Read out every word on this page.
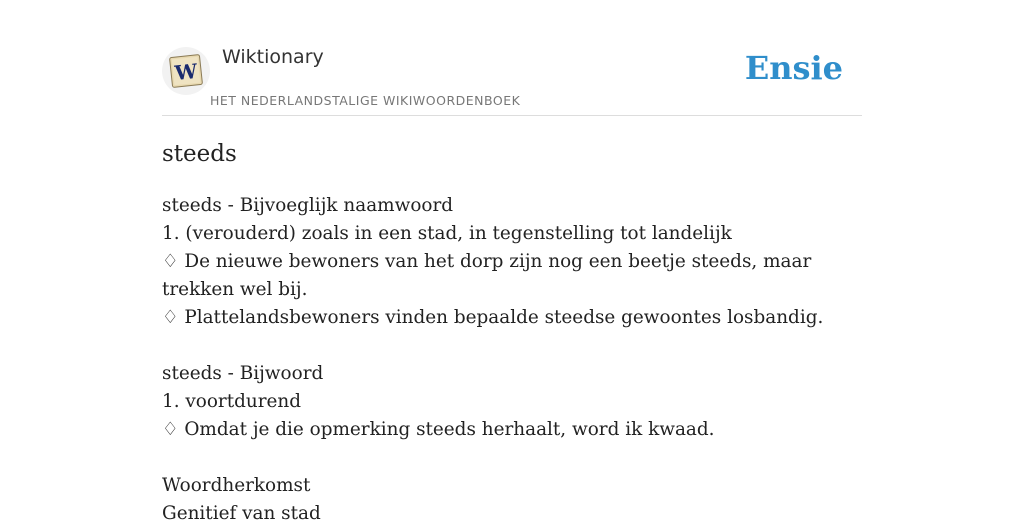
W
Wiktionary
HET NEDERLANDSTALIGE WIKIWOORDENBOEK
Ensie
steeds
steeds - Bijvoeglijk naamwoord
1. (verouderd) zoals in een stad, in tegenstelling tot landelijk
♢ De nieuwe bewoners van het dorp zijn nog een beetje steeds, maar trekken wel bij.
♢ Plattelandsbewoners vinden bepaalde steedse gewoontes losbandig.
steeds - Bijwoord
1. voortdurend
♢ Omdat je die opmerking steeds herhaalt, word ik kwaad.
Woordherkomst
Genitief van stad
